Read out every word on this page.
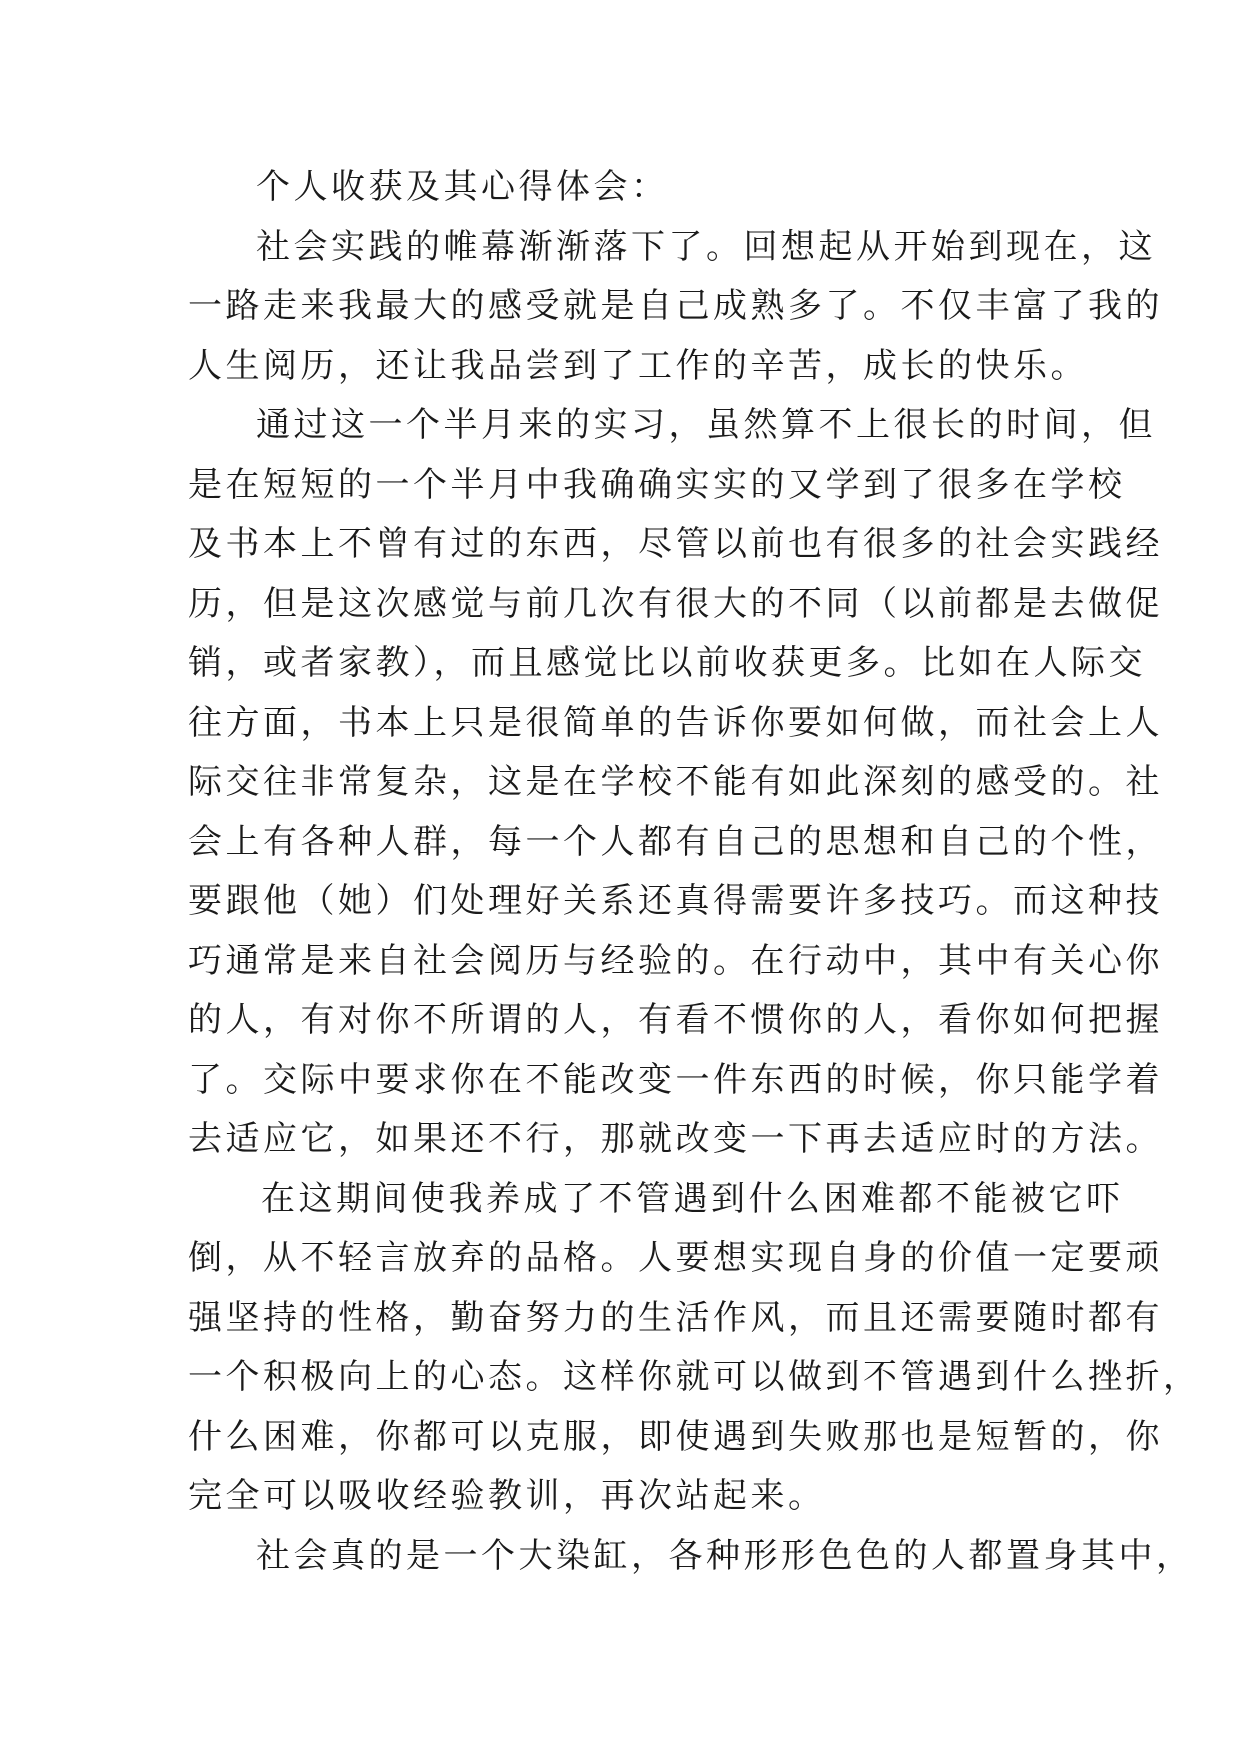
个人收获及其心得体会：
社会实践的帷幕渐渐落下了。回想起从开始到现在，这
一路走来我最大的感受就是自己成熟多了。不仅丰富了我的
人生阅历，还让我品尝到了工作的辛苦，成长的快乐。
通过这一个半月来的实习，虽然算不上很长的时间，但
是在短短的一个半月中我确确实实的又学到了很多在学校
及书本上不曾有过的东西，尽管以前也有很多的社会实践经
历，但是这次感觉与前几次有很大的不同（以前都是去做促
销，或者家教），而且感觉比以前收获更多。比如在人际交
往方面，书本上只是很简单的告诉你要如何做，而社会上人
际交往非常复杂，这是在学校不能有如此深刻的感受的。社
会上有各种人群，每一个人都有自己的思想和自己的个性，
要跟他（她）们处理好关系还真得需要许多技巧。而这种技
巧通常是来自社会阅历与经验的。在行动中，其中有关心你
的人，有对你不所谓的人，有看不惯你的人，看你如何把握
了。交际中要求你在不能改变一件东西的时候，你只能学着
去适应它，如果还不行，那就改变一下再去适应时的方法。
在这期间使我养成了不管遇到什么困难都不能被它吓
倒，从不轻言放弃的品格。人要想实现自身的价值一定要顽
强坚持的性格，勤奋努力的生活作风，而且还需要随时都有
一个积极向上的心态。这样你就可以做到不管遇到什么挫折，
什么困难，你都可以克服，即使遇到失败那也是短暂的，你
完全可以吸收经验教训，再次站起来。
社会真的是一个大染缸，各种形形色色的人都置身其中，
